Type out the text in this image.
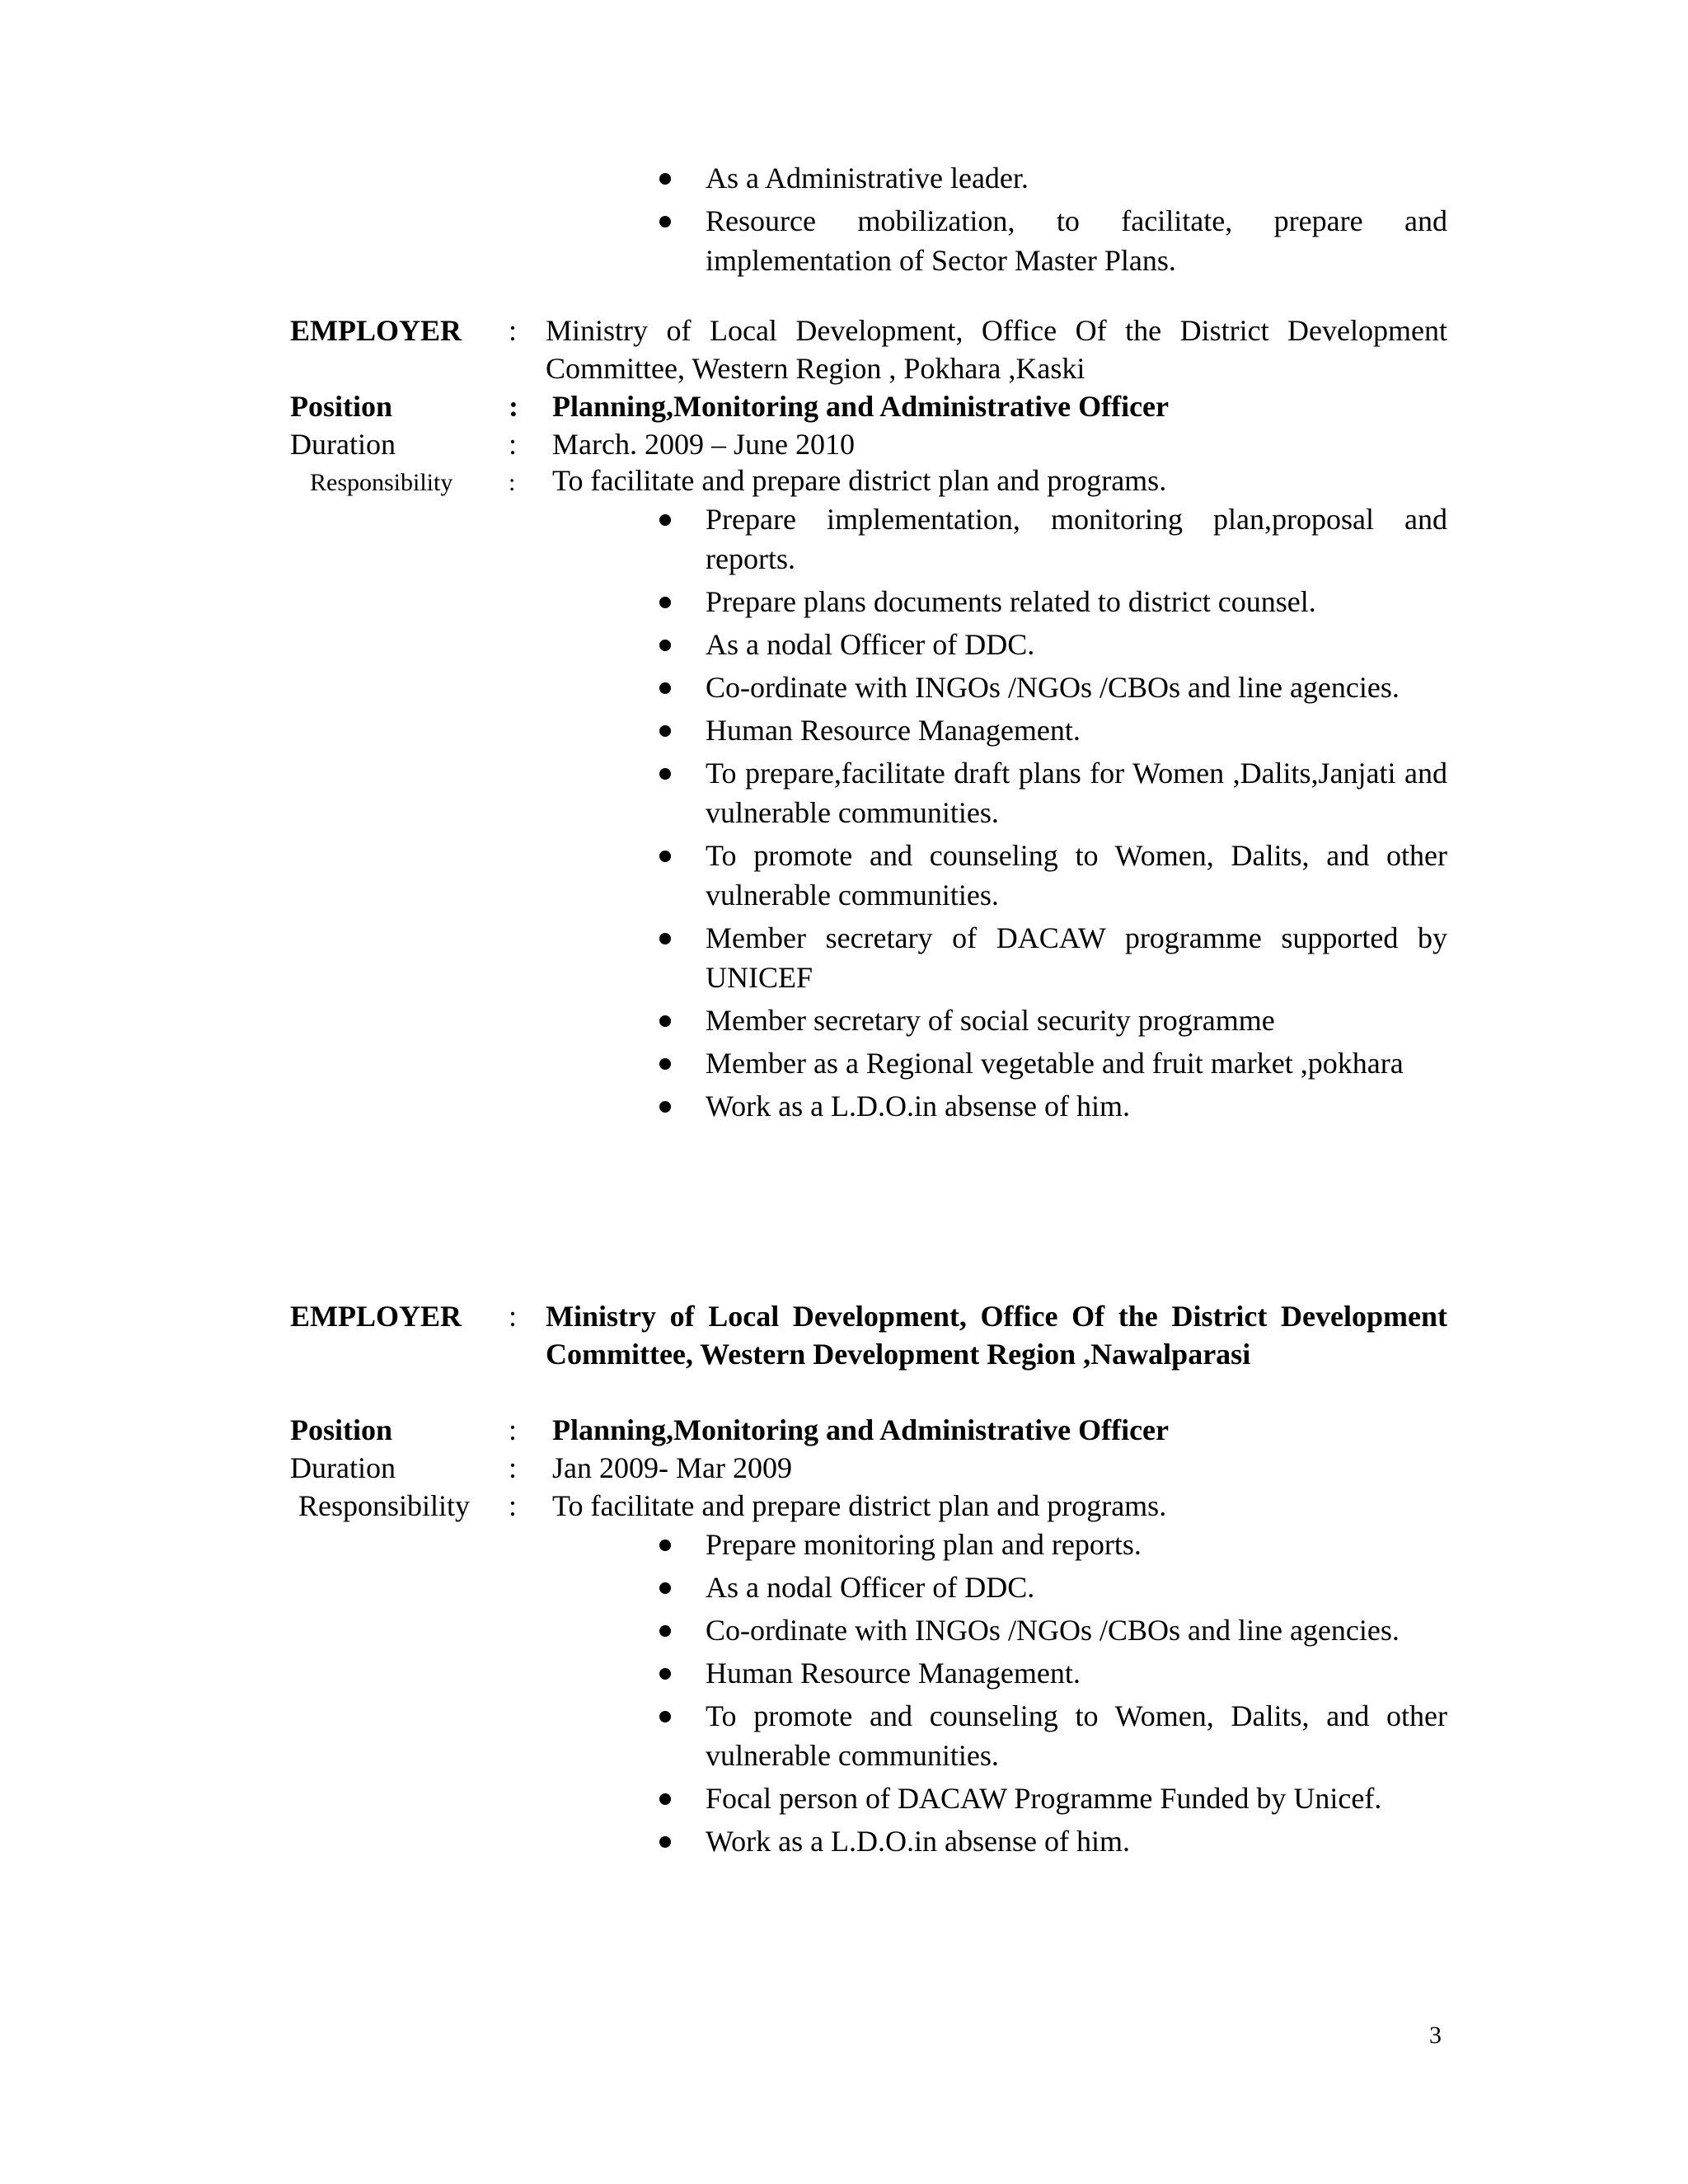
As a Administrative leader.
Resource mobilization, to facilitate, prepare and implementation of Sector Master Plans.
EMPLOYER : Ministry of Local Development, Office Of the District Development Committee, Western Region , Pokhara ,Kaski
Position	: Planning,Monitoring and Administrative Officer
Duration	: March. 2009 – June 2010
Responsibility : To facilitate and prepare district plan and programs.
Prepare implementation, monitoring plan,proposal and reports.
Prepare plans documents related to district counsel.
As a nodal Officer of DDC.
Co-ordinate with INGOs /NGOs /CBOs and line agencies.
Human Resource Management.
To prepare,facilitate draft plans for Women ,Dalits,Janjati and vulnerable communities.
To promote and counseling to Women, Dalits, and other vulnerable communities.
Member secretary of DACAW programme supported by UNICEF
Member secretary of social security programme
Member as a Regional vegetable and fruit market ,pokhara
Work as a L.D.O.in absense of him.
EMPLOYER : Ministry of Local Development, Office Of the District Development Committee, Western Development Region ,Nawalparasi
Position	: Planning,Monitoring and Administrative Officer
Duration	: Jan 2009- Mar 2009
Responsibility : To facilitate and prepare district plan and programs.
Prepare monitoring plan and reports.
As a nodal Officer of DDC.
Co-ordinate with INGOs /NGOs /CBOs and line agencies.
Human Resource Management.
To promote and counseling to Women, Dalits, and other vulnerable communities.
Focal person of DACAW Programme Funded by Unicef.
Work as a L.D.O.in absense of him.
3
